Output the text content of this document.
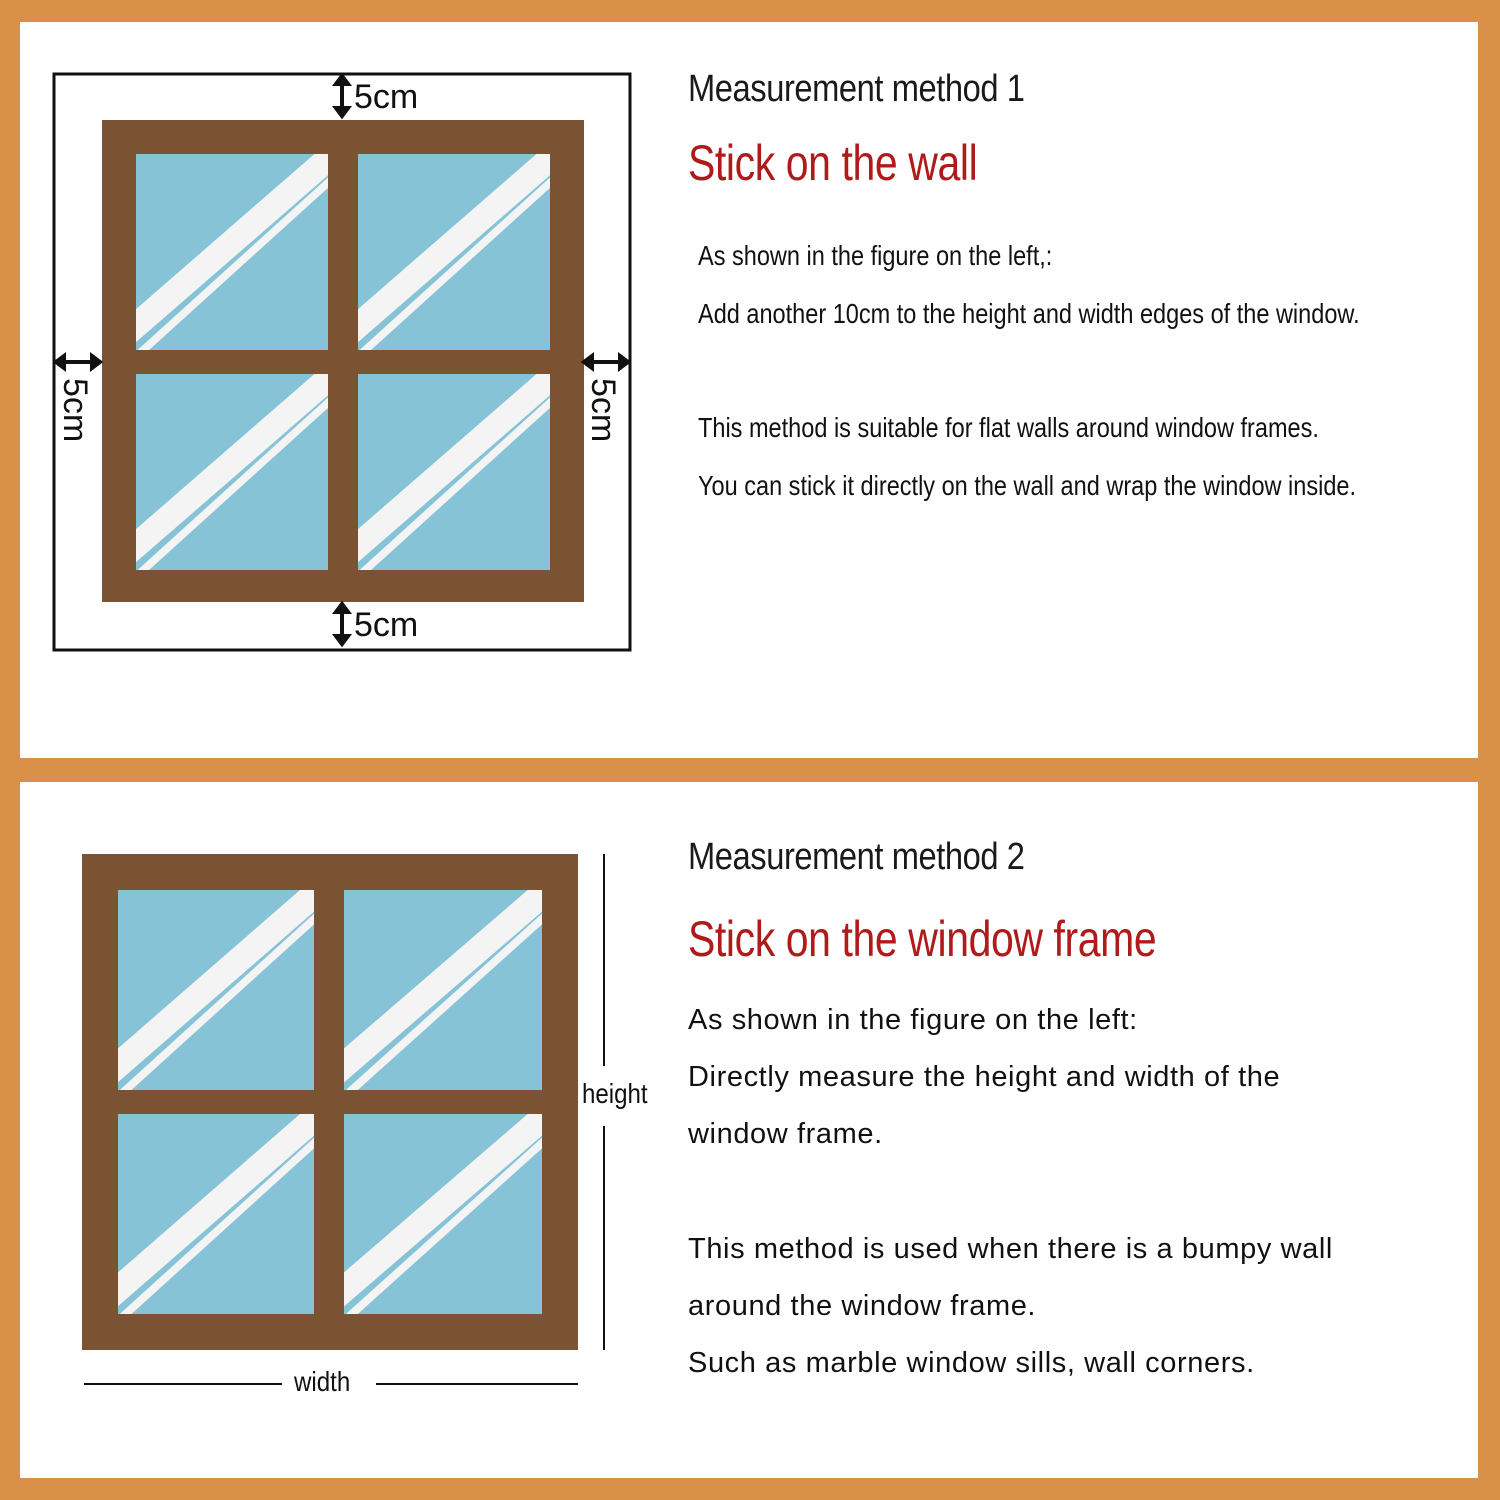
5cm
5cm
5cm	5cm
Measurement method 1
Stick on the wall
As shown in the figure on the left,:
Add another 10cm to the height and width edges of the window.
This method is suitable for flat walls around window frames.
You can stick it directly on the wall and wrap the window inside.
height
width
Measurement method 2
Stick on the window frame
As shown in the figure on the left:
Directly measure the height and width of the
window frame.
This method is used when there is a bumpy wall
around the window frame.
Such as marble window sills, wall corners.
